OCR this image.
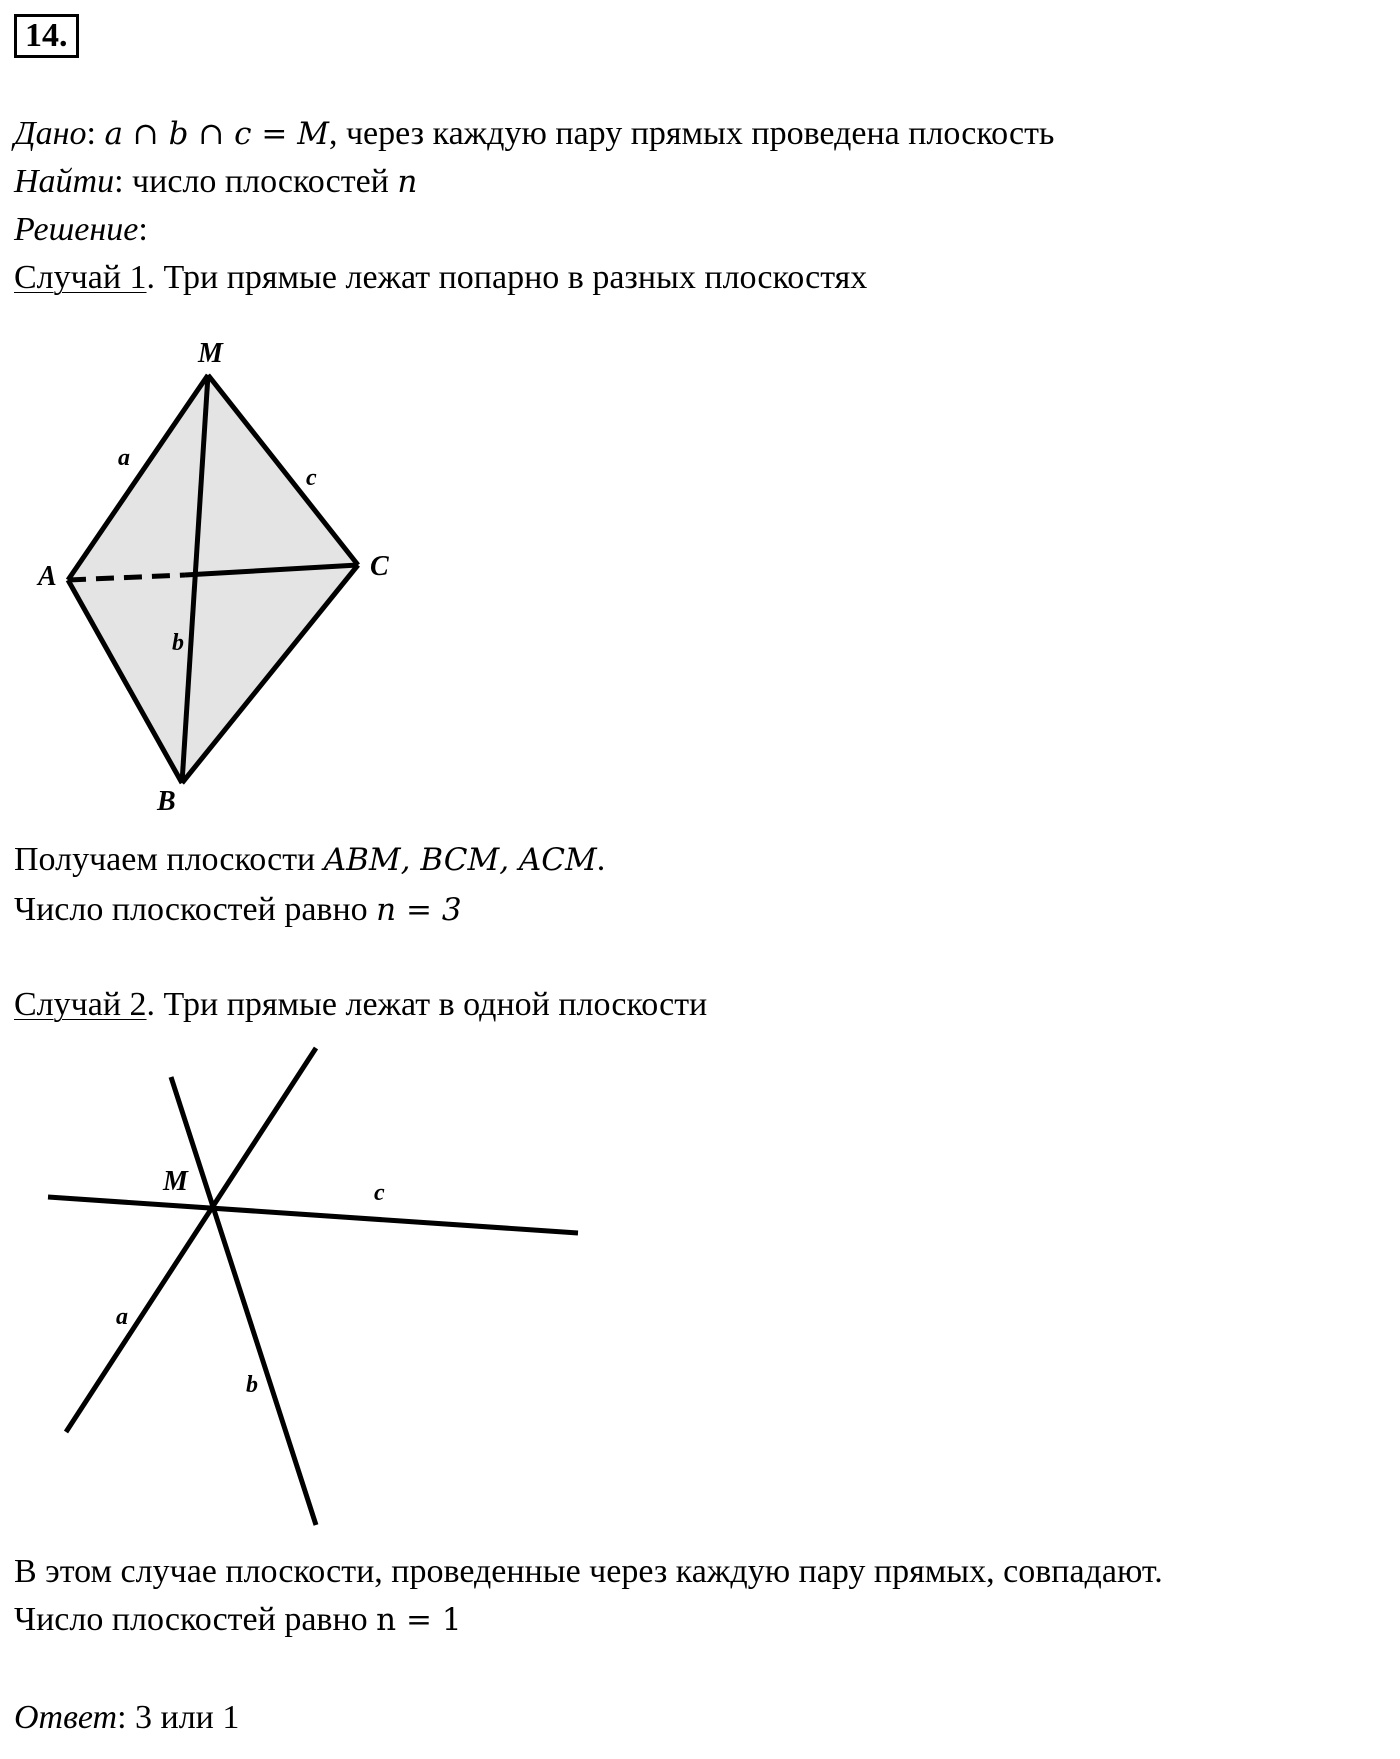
14.
Дано: a ∩ b ∩ c = M, через каждую пару прямых проведена плоскость
Найти: число плоскостей n
Решение:
Случай 1. Три прямые лежат попарно в разных плоскостях
M
A	C
B
a
c
b
Получаем плоскости ABM, BCM, ACM.
Число плоскостей равно n = 3
Случай 2. Три прямые лежат в одной плоскости
M	c
a
b
В этом случае плоскости, проведенные через каждую пару прямых, совпадают.
Число плоскостей равно n = 1
Ответ: 3 или 1
